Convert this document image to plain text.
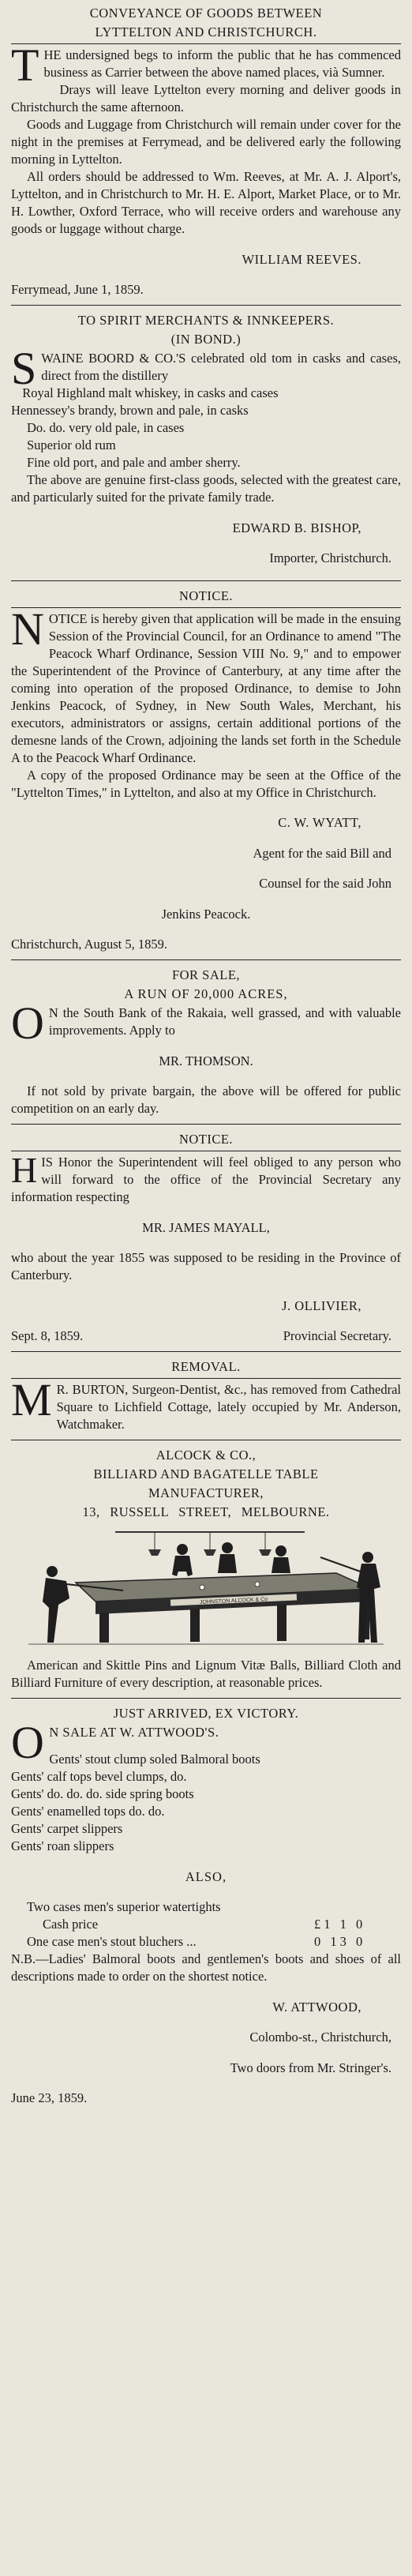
CONVEYANCE OF GOODS BETWEEN

LYTTELTON AND CHRISTCHURCH.

THE undersigned begs to inform the public that he has commenced business as Carrier between the above named places, vià Sumner.

Drays will leave Lyttelton every morning and deliver goods in Christchurch the same afternoon.

Goods and Luggage from Christchurch will remain under cover for the night in the premises at Ferrymead, and be delivered early the following morning in Lyttelton.

All orders should be addressed to Wm. Reeves, at Mr. A. J. Alport's, Lyttelton, and in Christchurch to Mr. H. E. Alport, Market Place, or to Mr. H. Lowther, Oxford Terrace, who will receive orders and warehouse any goods or luggage without charge.

WILLIAM REEVES.

Ferrymead, June 1, 1859.

TO SPIRIT MERCHANTS & INNKEEPERS.

(IN BOND.)

SWAINE BOORD & CO.'S celebrated old tom in casks and cases, direct from the distillery

Royal Highland malt whiskey, in casks and cases

Hennessey's brandy, brown and pale, in casks

Do. do. very old pale, in cases

Superior old rum

Fine old port, and pale and amber sherry.

The above are genuine first-class goods, selected with the greatest care, and particularly suited for the private family trade.

EDWARD B. BISHOP,

Importer, Christchurch.

NOTICE.

NOTICE is hereby given that application will be made in the ensuing Session of the Provincial Council, for an Ordinance to amend "The Peacock Wharf Ordinance, Session VIII No. 9," and to empower the Superintendent of the Province of Canterbury, at any time after the coming into operation of the proposed Ordinance, to demise to John Jenkins Peacock, of Sydney, in New South Wales, Merchant, his executors, administrators or assigns, certain additional portions of the demesne lands of the Crown, adjoining the lands set forth in the Schedule A to the Peacock Wharf Ordinance.

A copy of the proposed Ordinance may be seen at the Office of the "Lyttelton Times," in Lyttelton, and also at my Office in Christchurch.

C. W. WYATT,

Agent for the said Bill and

Counsel for the said John

Jenkins Peacock.

Christchurch, August 5, 1859.

FOR SALE,

A RUN OF 20,000 ACRES,

O N the South Bank of the Rakaia, well grassed, and with valuable improvements. Apply to

MR. THOMSON.

If not sold by private bargain, the above will be offered for public competition on an early day.

NOTICE.

HIS Honor the Superintendent will feel obliged to any person who will forward to the office of the Provincial Secretary any information respecting

MR. JAMES MAYALL,

who about the year 1855 was supposed to be residing in the Province of Canterbury.

J. OLLIVIER,

Sept. 8, 1859.	Provincial Secretary.

REMOVAL.

M R. BURTON, Surgeon-Dentist, &c., has removed from Cathedral Square to Lichfield Cottage, lately occupied by Mr. Anderson, Watchmaker.

ALCOCK & CO.,

BILLIARD AND BAGATELLE TABLE

MANUFACTURER,

13, RUSSELL STREET, MELBOURNE.

JOHNSTON ALCOCK & Co

American and Skittle Pins and Lignum Vitæ Balls, Billiard Cloth and Billiard Furniture of every description, at reasonable prices.

JUST ARRIVED, EX VICTORY.

O N SALE AT W. ATTWOOD'S.

Gents' stout clump soled Balmoral boots

Gents' calf tops bevel clumps, do.

Gents' do. do. do. side spring boots

Gents' enamelled tops do. do.

Gents' carpet slippers

Gents' roan slippers

ALSO,

Two cases men's superior watertights

Cash price	£1 1 0
One case men's stout bluchers ...	0 13 0

N.B.—Ladies' Balmoral boots and gentlemen's boots and shoes of all descriptions made to order on the shortest notice.

W. ATTWOOD,

Colombo-st., Christchurch,

Two doors from Mr. Stringer's.

June 23, 1859.
